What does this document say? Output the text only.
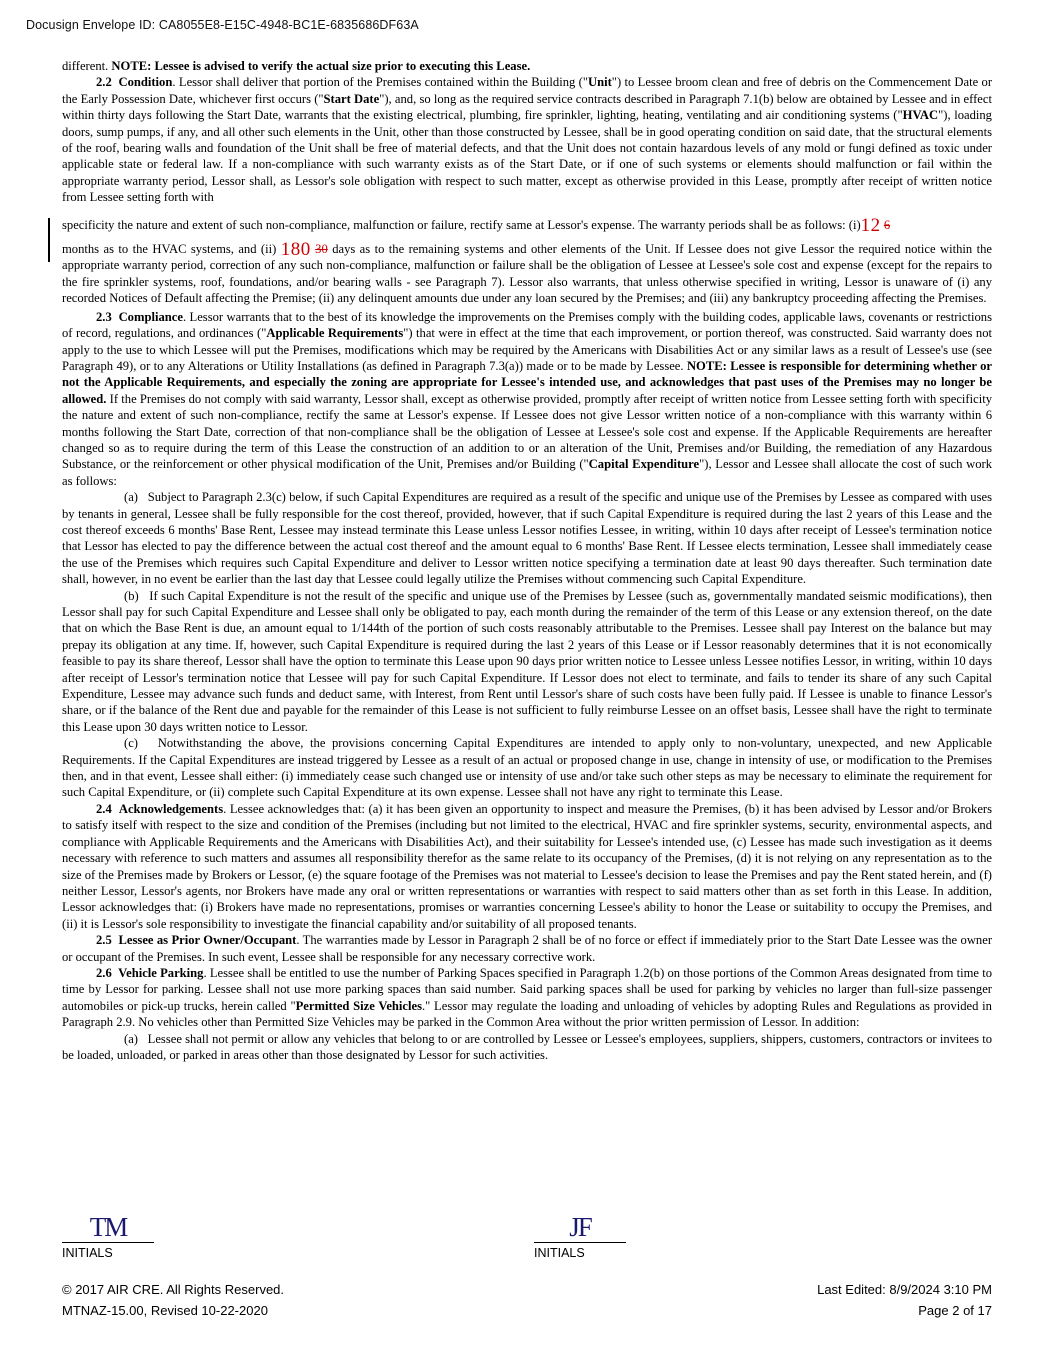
Docusign Envelope ID: CA8055E8-E15C-4948-BC1E-6835686DF63A

different. NOTE: Lessee is advised to verify the actual size prior to executing this Lease.

2.2 Condition. Lessor shall deliver that portion of the Premises contained within the Building ("Unit") to Lessee broom clean and free of debris on the Commencement Date or the Early Possession Date, whichever first occurs ("Start Date"), and, so long as the required service contracts described in Paragraph 7.1(b) below are obtained by Lessee and in effect within thirty days following the Start Date, warrants that the existing electrical, plumbing, fire sprinkler, lighting, heating, ventilating and air conditioning systems ("HVAC"), loading doors, sump pumps, if any, and all other such elements in the Unit, other than those constructed by Lessee, shall be in good operating condition on said date, that the structural elements of the roof, bearing walls and foundation of the Unit shall be free of material defects, and that the Unit does not contain hazardous levels of any mold or fungi defined as toxic under applicable state or federal law. If a non-compliance with such warranty exists as of the Start Date, or if one of such systems or elements should malfunction or fail within the appropriate warranty period, Lessor shall, as Lessor's sole obligation with respect to such matter, except as otherwise provided in this Lease, promptly after receipt of written notice from Lessee setting forth with

specificity the nature and extent of such non-compliance, malfunction or failure, rectify same at Lessor's expense. The warranty periods shall be as follows: (i)12 6

months as to the HVAC systems, and (ii) 180 30 days as to the remaining systems and other elements of the Unit. If Lessee does not give Lessor the required notice within the appropriate warranty period, correction of any such non-compliance, malfunction or failure shall be the obligation of Lessee at Lessee's sole cost and expense (except for the repairs to the fire sprinkler systems, roof, foundations, and/or bearing walls - see Paragraph 7). Lessor also warrants, that unless otherwise specified in writing, Lessor is unaware of (i) any recorded Notices of Default affecting the Premise; (ii) any delinquent amounts due under any loan secured by the Premises; and (iii) any bankruptcy proceeding affecting the Premises.

2.3 Compliance. Lessor warrants that to the best of its knowledge the improvements on the Premises comply with the building codes, applicable laws, covenants or restrictions of record, regulations, and ordinances ("Applicable Requirements") that were in effect at the time that each improvement, or portion thereof, was constructed. Said warranty does not apply to the use to which Lessee will put the Premises, modifications which may be required by the Americans with Disabilities Act or any similar laws as a result of Lessee's use (see Paragraph 49), or to any Alterations or Utility Installations (as defined in Paragraph 7.3(a)) made or to be made by Lessee. NOTE: Lessee is responsible for determining whether or not the Applicable Requirements, and especially the zoning are appropriate for Lessee's intended use, and acknowledges that past uses of the Premises may no longer be allowed. If the Premises do not comply with said warranty, Lessor shall, except as otherwise provided, promptly after receipt of written notice from Lessee setting forth with specificity the nature and extent of such non-compliance, rectify the same at Lessor's expense. If Lessee does not give Lessor written notice of a non-compliance with this warranty within 6 months following the Start Date, correction of that non-compliance shall be the obligation of Lessee at Lessee's sole cost and expense. If the Applicable Requirements are hereafter changed so as to require during the term of this Lease the construction of an addition to or an alteration of the Unit, Premises and/or Building, the remediation of any Hazardous Substance, or the reinforcement or other physical modification of the Unit, Premises and/or Building ("Capital Expenditure"), Lessor and Lessee shall allocate the cost of such work as follows:

(a) Subject to Paragraph 2.3(c) below, if such Capital Expenditures are required as a result of the specific and unique use of the Premises by Lessee as compared with uses by tenants in general, Lessee shall be fully responsible for the cost thereof, provided, however, that if such Capital Expenditure is required during the last 2 years of this Lease and the cost thereof exceeds 6 months' Base Rent, Lessee may instead terminate this Lease unless Lessor notifies Lessee, in writing, within 10 days after receipt of Lessee's termination notice that Lessor has elected to pay the difference between the actual cost thereof and the amount equal to 6 months' Base Rent. If Lessee elects termination, Lessee shall immediately cease the use of the Premises which requires such Capital Expenditure and deliver to Lessor written notice specifying a termination date at least 90 days thereafter. Such termination date shall, however, in no event be earlier than the last day that Lessee could legally utilize the Premises without commencing such Capital Expenditure.

(b) If such Capital Expenditure is not the result of the specific and unique use of the Premises by Lessee (such as, governmentally mandated seismic modifications), then Lessor shall pay for such Capital Expenditure and Lessee shall only be obligated to pay, each month during the remainder of the term of this Lease or any extension thereof, on the date that on which the Base Rent is due, an amount equal to 1/144th of the portion of such costs reasonably attributable to the Premises. Lessee shall pay Interest on the balance but may prepay its obligation at any time. If, however, such Capital Expenditure is required during the last 2 years of this Lease or if Lessor reasonably determines that it is not economically feasible to pay its share thereof, Lessor shall have the option to terminate this Lease upon 90 days prior written notice to Lessee unless Lessee notifies Lessor, in writing, within 10 days after receipt of Lessor's termination notice that Lessee will pay for such Capital Expenditure. If Lessor does not elect to terminate, and fails to tender its share of any such Capital Expenditure, Lessee may advance such funds and deduct same, with Interest, from Rent until Lessor's share of such costs have been fully paid. If Lessee is unable to finance Lessor's share, or if the balance of the Rent due and payable for the remainder of this Lease is not sufficient to fully reimburse Lessee on an offset basis, Lessee shall have the right to terminate this Lease upon 30 days written notice to Lessor.

(c) Notwithstanding the above, the provisions concerning Capital Expenditures are intended to apply only to non-voluntary, unexpected, and new Applicable Requirements. If the Capital Expenditures are instead triggered by Lessee as a result of an actual or proposed change in use, change in intensity of use, or modification to the Premises then, and in that event, Lessee shall either: (i) immediately cease such changed use or intensity of use and/or take such other steps as may be necessary to eliminate the requirement for such Capital Expenditure, or (ii) complete such Capital Expenditure at its own expense. Lessee shall not have any right to terminate this Lease.

2.4 Acknowledgements. Lessee acknowledges that: (a) it has been given an opportunity to inspect and measure the Premises, (b) it has been advised by Lessor and/or Brokers to satisfy itself with respect to the size and condition of the Premises (including but not limited to the electrical, HVAC and fire sprinkler systems, security, environmental aspects, and compliance with Applicable Requirements and the Americans with Disabilities Act), and their suitability for Lessee's intended use, (c) Lessee has made such investigation as it deems necessary with reference to such matters and assumes all responsibility therefor as the same relate to its occupancy of the Premises, (d) it is not relying on any representation as to the size of the Premises made by Brokers or Lessor, (e) the square footage of the Premises was not material to Lessee's decision to lease the Premises and pay the Rent stated herein, and (f) neither Lessor, Lessor's agents, nor Brokers have made any oral or written representations or warranties with respect to said matters other than as set forth in this Lease. In addition, Lessor acknowledges that: (i) Brokers have made no representations, promises or warranties concerning Lessee's ability to honor the Lease or suitability to occupy the Premises, and (ii) it is Lessor's sole responsibility to investigate the financial capability and/or suitability of all proposed tenants.

2.5 Lessee as Prior Owner/Occupant. The warranties made by Lessor in Paragraph 2 shall be of no force or effect if immediately prior to the Start Date Lessee was the owner or occupant of the Premises. In such event, Lessee shall be responsible for any necessary corrective work.

2.6 Vehicle Parking. Lessee shall be entitled to use the number of Parking Spaces specified in Paragraph 1.2(b) on those portions of the Common Areas designated from time to time by Lessor for parking. Lessee shall not use more parking spaces than said number. Said parking spaces shall be used for parking by vehicles no larger than full-size passenger automobiles or pick-up trucks, herein called "Permitted Size Vehicles." Lessor may regulate the loading and unloading of vehicles by adopting Rules and Regulations as provided in Paragraph 2.9. No vehicles other than Permitted Size Vehicles may be parked in the Common Area without the prior written permission of Lessor. In addition:

(a) Lessee shall not permit or allow any vehicles that belong to or are controlled by Lessee or Lessee's employees, suppliers, shippers, customers, contractors or invitees to be loaded, unloaded, or parked in areas other than those designated by Lessor for such activities.

TM
INITIALS
JF
INITIALS
© 2017 AIR CRE. All Rights Reserved.	Last Edited: 8/9/2024 3:10 PM
MTNAZ-15.00, Revised 10-22-2020	Page 2 of 17
